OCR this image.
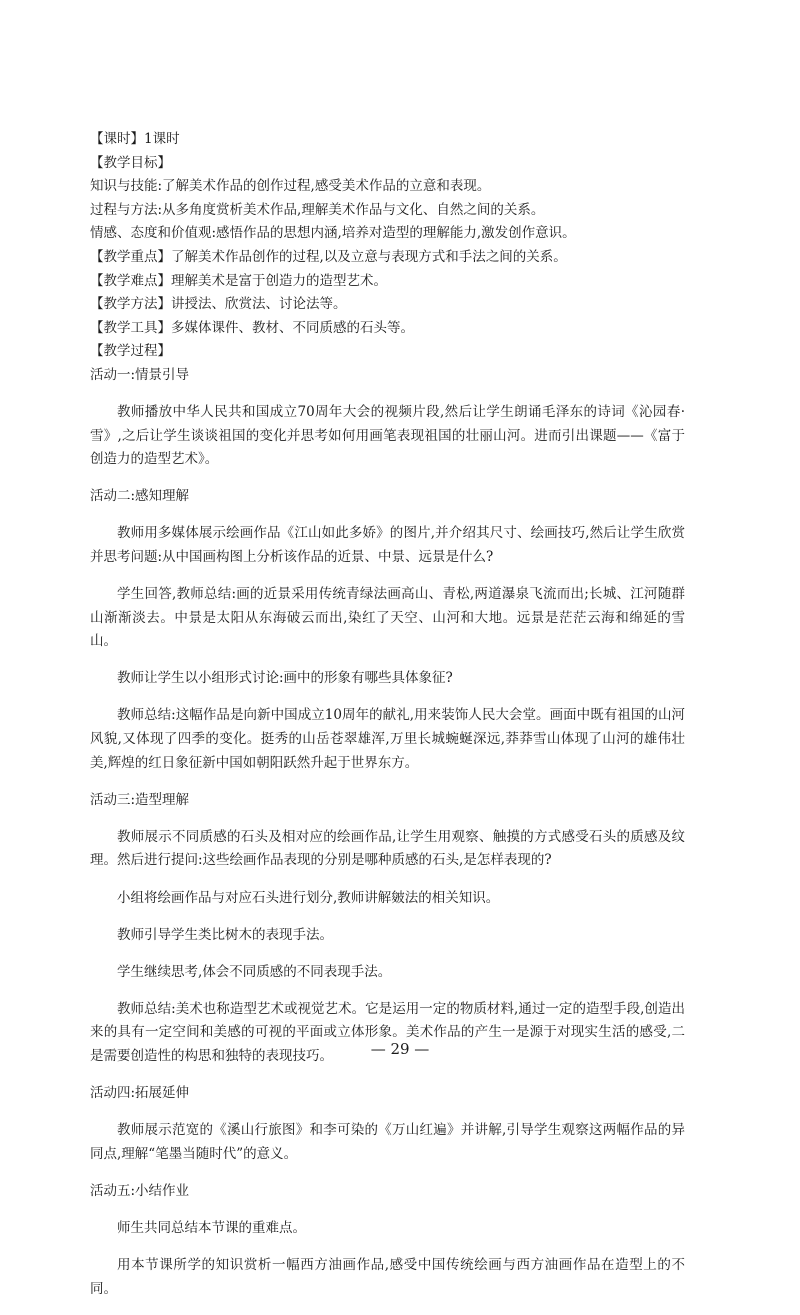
【课时】1课时

【教学目标】

知识与技能:了解美术作品的创作过程,感受美术作品的立意和表现。

过程与方法:从多角度赏析美术作品,理解美术作品与文化、自然之间的关系。

情感、态度和价值观:感悟作品的思想内涵,培养对造型的理解能力,激发创作意识。

【教学重点】了解美术作品创作的过程,以及立意与表现方式和手法之间的关系。

【教学难点】理解美术是富于创造力的造型艺术。

【教学方法】讲授法、欣赏法、讨论法等。

【教学工具】多媒体课件、教材、不同质感的石头等。

【教学过程】

活动一:情景引导

教师播放中华人民共和国成立70周年大会的视频片段,然后让学生朗诵毛泽东的诗词《沁园春·雪》,之后让学生谈谈祖国的变化并思考如何用画笔表现祖国的壮丽山河。进而引出课题——《富于创造力的造型艺术》。

活动二:感知理解

教师用多媒体展示绘画作品《江山如此多娇》的图片,并介绍其尺寸、绘画技巧,然后让学生欣赏并思考问题:从中国画构图上分析该作品的近景、中景、远景是什么?

学生回答,教师总结:画的近景采用传统青绿法画高山、青松,两道瀑泉飞流而出;长城、江河随群山渐渐淡去。中景是太阳从东海破云而出,染红了天空、山河和大地。远景是茫茫云海和绵延的雪山。

教师让学生以小组形式讨论:画中的形象有哪些具体象征?

教师总结:这幅作品是向新中国成立10周年的献礼,用来装饰人民大会堂。画面中既有祖国的山河风貌,又体现了四季的变化。挺秀的山岳苍翠雄浑,万里长城蜿蜒深远,莽莽雪山体现了山河的雄伟壮美,辉煌的红日象征新中国如朝阳跃然升起于世界东方。

活动三:造型理解

教师展示不同质感的石头及相对应的绘画作品,让学生用观察、触摸的方式感受石头的质感及纹理。然后进行提问:这些绘画作品表现的分别是哪种质感的石头,是怎样表现的?

小组将绘画作品与对应石头进行划分,教师讲解皴法的相关知识。

教师引导学生类比树木的表现手法。

学生继续思考,体会不同质感的不同表现手法。

教师总结:美术也称造型艺术或视觉艺术。它是运用一定的物质材料,通过一定的造型手段,创造出来的具有一定空间和美感的可视的平面或立体形象。美术作品的产生一是源于对现实生活的感受,二是需要创造性的构思和独特的表现技巧。

活动四:拓展延伸

教师展示范宽的《溪山行旅图》和李可染的《万山红遍》并讲解,引导学生观察这两幅作品的异同点,理解“笔墨当随时代”的意义。

活动五:小结作业

师生共同总结本节课的重难点。

用本节课所学的知识赏析一幅西方油画作品,感受中国传统绘画与西方油画作品在造型上的不同。

— 29 —
